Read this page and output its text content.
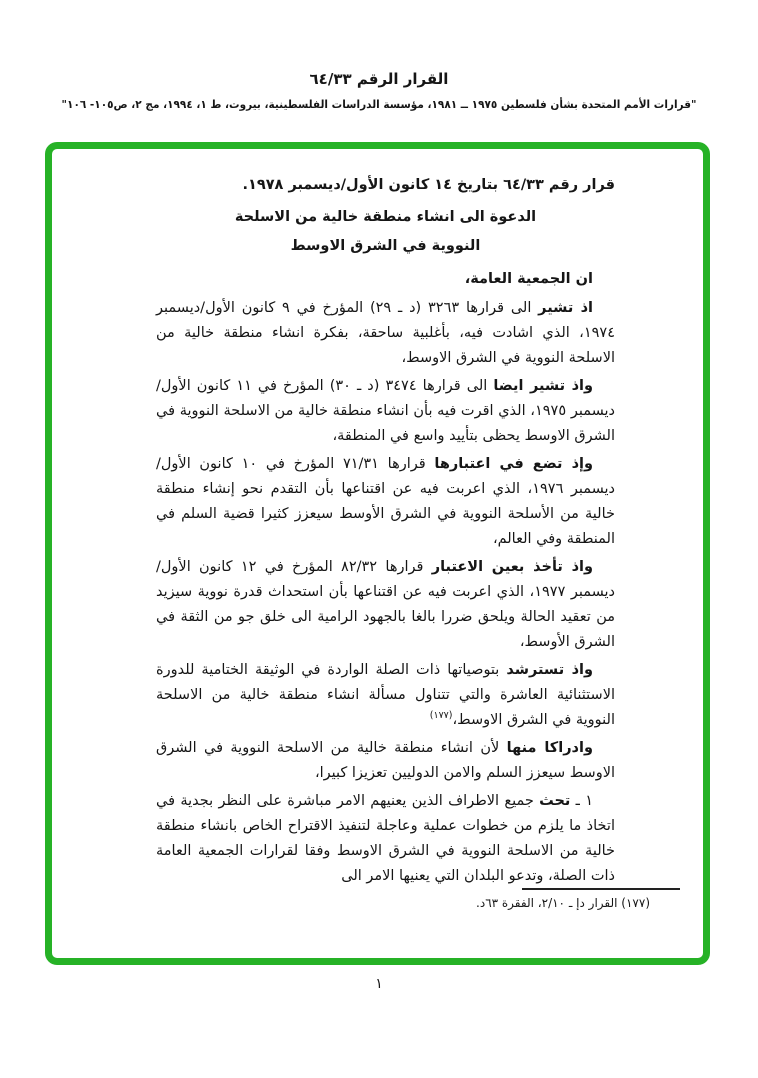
القرار الرقم ٦٤/٣٣
"قرارات الأمم المتحدة بشأن فلسطين ١٩٧٥ ــ ١٩٨١، مؤسسة الدراسات الفلسطينية، بيروت، ط ١، ١٩٩٤، مج ٢، ص١٠٥- ١٠٦"
قرار رقم ٦٤/٣٣ بتاريخ ١٤ كانون الأول/ديسمبر ١٩٧٨.
الدعوة الى انشاء منطقة خالية من الاسلحة
النووية في الشرق الاوسط
ان الجمعية العامة،

اذ تشير الى قرارها ٣٢٦٣ (د ـ ٢٩) المؤرخ في ٩ كانون الأول/ديسمبر ١٩٧٤، الذي اشادت فيه، بأغلبية ساحقة، بفكرة انشاء منطقة خالية من الاسلحة النووية في الشرق الاوسط،

واذ تشير ايضا الى قرارها ٣٤٧٤ (د ـ ٣٠) المؤرخ في ١١ كانون الأول/ديسمبر ١٩٧٥، الذي اقرت فيه بأن انشاء منطقة خالية من الاسلحة النووية في الشرق الاوسط يحظى بتأييد واسع في المنطقة،

وإذ تضع في اعتبارها قرارها ٧١/٣١ المؤرخ في ١٠ كانون الأول/ديسمبر ١٩٧٦، الذي اعربت فيه عن اقتناعها بأن التقدم نحو إنشاء منطقة خالية من الأسلحة النووية في الشرق الأوسط سيعزز كثيرا قضية السلم في المنطقة وفي العالم،

واذ تأخذ بعين الاعتبار قرارها ٨٢/٣٢ المؤرخ في ١٢ كانون الأول/ديسمبر ١٩٧٧، الذي اعربت فيه عن اقتناعها بأن استحداث قدرة نووية سيزيد من تعقيد الحالة ويلحق ضررا بالغا بالجهود الرامية الى خلق جو من الثقة في الشرق الأوسط،

واذ تسترشد بتوصياتها ذات الصلة الواردة في الوثيقة الختامية للدورة الاستثنائية العاشرة والتي تتناول مسألة انشاء منطقة خالية من الاسلحة النووية في الشرق الاوسط،$^{(١٧٧)}$

وادراكا منها لأن انشاء منطقة خالية من الاسلحة النووية في الشرق الاوسط سيعزز السلم والامن الدوليين تعزيزا كبيرا،

١ ـ تحث جميع الاطراف الذين يعنيهم الامر مباشرة على النظر بجدية في اتخاذ ما يلزم من خطوات عملية وعاجلة لتنفيذ الاقتراح الخاص بانشاء منطقة خالية من الاسلحة النووية في الشرق الاوسط وفقا لقرارات الجمعية العامة ذات الصلة، وتدعو البلدان التي يعنيها الامر الى

(١٧٧) القرار دإ ـ ٢/١٠، الفقرة ٦٣د.
١
